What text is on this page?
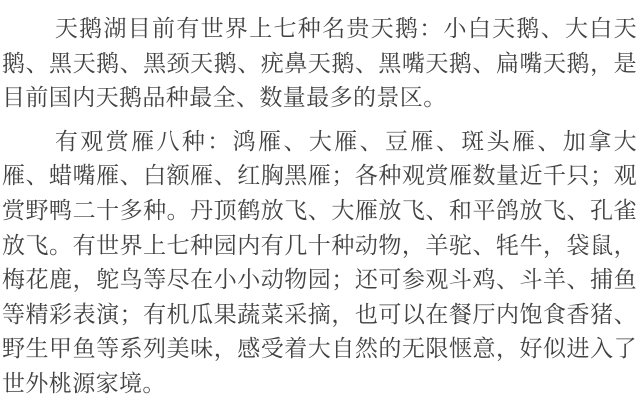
天鹅湖目前有世界上七种名贵天鹅：小白天鹅、大白天鹅、黑天鹅、黑颈天鹅、疣鼻天鹅、黑嘴天鹅、扁嘴天鹅，是目前国内天鹅品种最全、数量最多的景区。

有观赏雁八种：鸿雁、大雁、豆雁、斑头雁、加拿大雁、蜡嘴雁、白额雁、红胸黑雁；各种观赏雁数量近千只；观赏野鸭二十多种。丹顶鹤放飞、大雁放飞、和平鸽放飞、孔雀放飞。有世界上七种园内有几十种动物，羊驼、牦牛，袋鼠，梅花鹿，鸵鸟等尽在小小动物园；还可参观斗鸡、斗羊、捕鱼等精彩表演；有机瓜果蔬菜采摘，也可以在餐厅内饱食香猪、野生甲鱼等系列美味，感受着大自然的无限惬意，好似进入了世外桃源家境。
